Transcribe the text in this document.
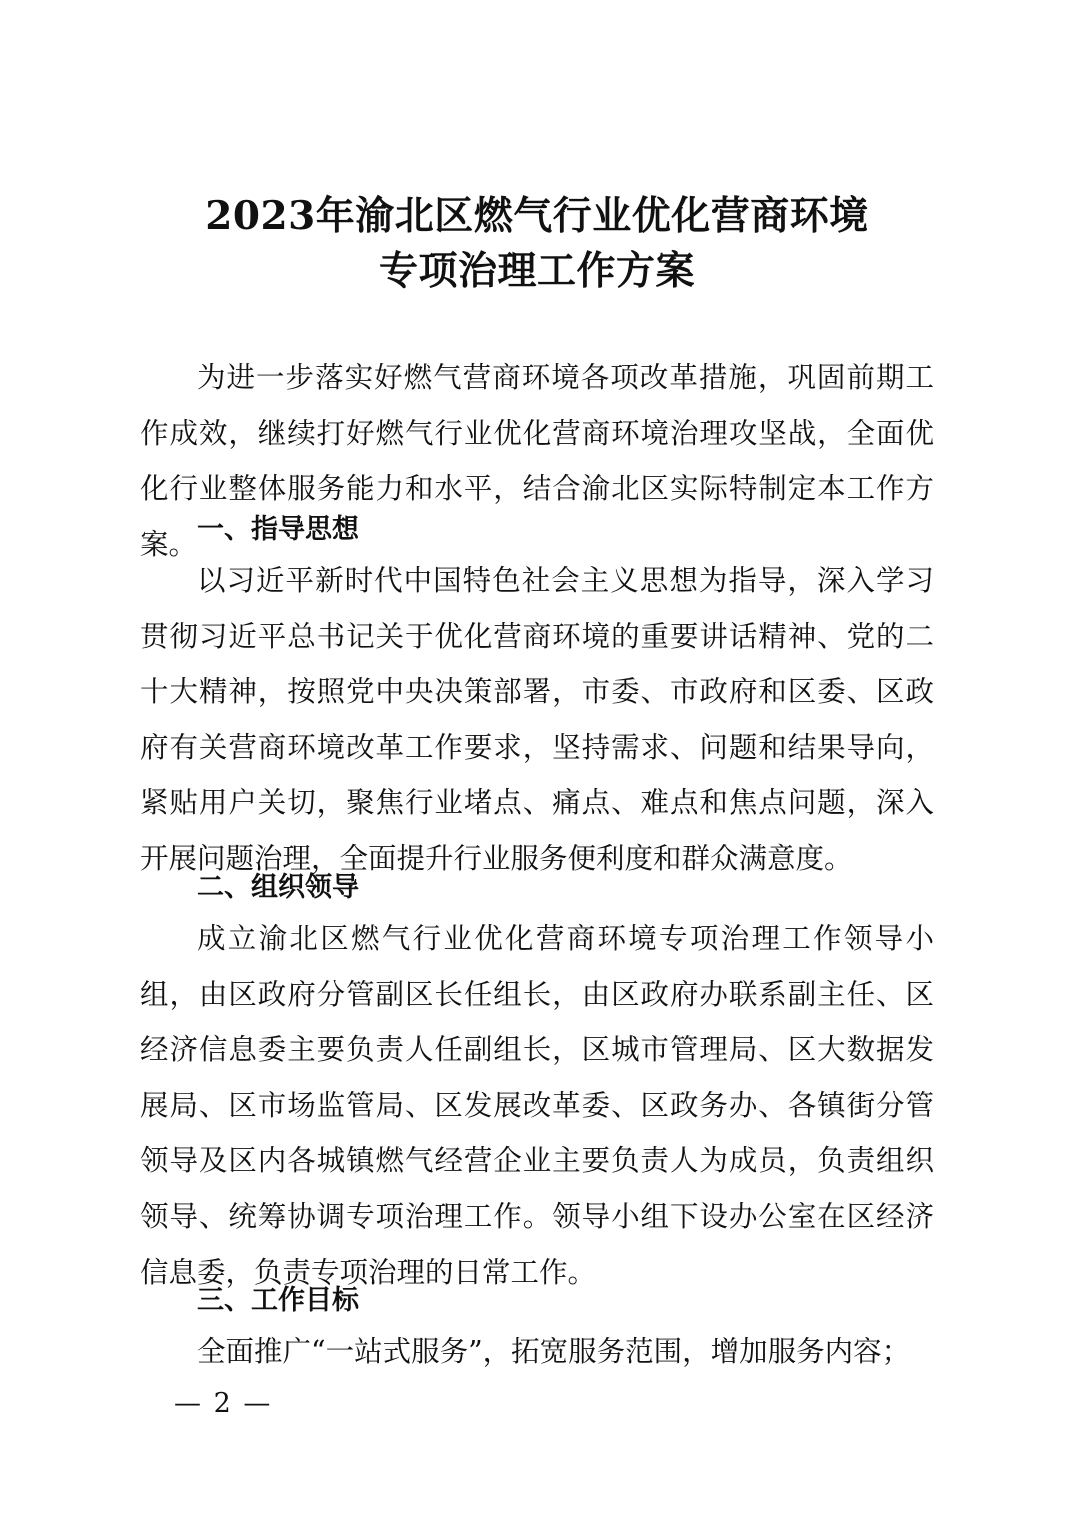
2023年渝北区燃气行业优化营商环境
专项治理工作方案

为进一步落实好燃气营商环境各项改革措施，巩固前期工作成效，继续打好燃气行业优化营商环境治理攻坚战，全面优化行业整体服务能力和水平，结合渝北区实际特制定本工作方案。 一、指导思想

以习近平新时代中国特色社会主义思想为指导，深入学习贯彻习近平总书记关于优化营商环境的重要讲话精神、党的二十大精神，按照党中央决策部署，市委、市政府和区委、区政府有关营商环境改革工作要求，坚持需求、问题和结果导向，紧贴用户关切，聚焦行业堵点、痛点、难点和焦点问题，深入开展问题治理，全面提升行业服务便利度和群众满意度。

二、组织领导

成立渝北区燃气行业优化营商环境专项治理工作领导小组，由区政府分管副区长任组长，由区政府办联系副主任、区经济信息委主要负责人任副组长，区城市管理局、区大数据发展局、区市场监管局、区发展改革委、区政务办、各镇街分管领导及区内各城镇燃气经营企业主要负责人为成员，负责组织领导、统筹协调专项治理工作。领导小组下设办公室在区经济信息委，负责专项治理的日常工作。

三、工作目标

全面推广“一站式服务”，拓宽服务范围，增加服务内容；

— 2 —
